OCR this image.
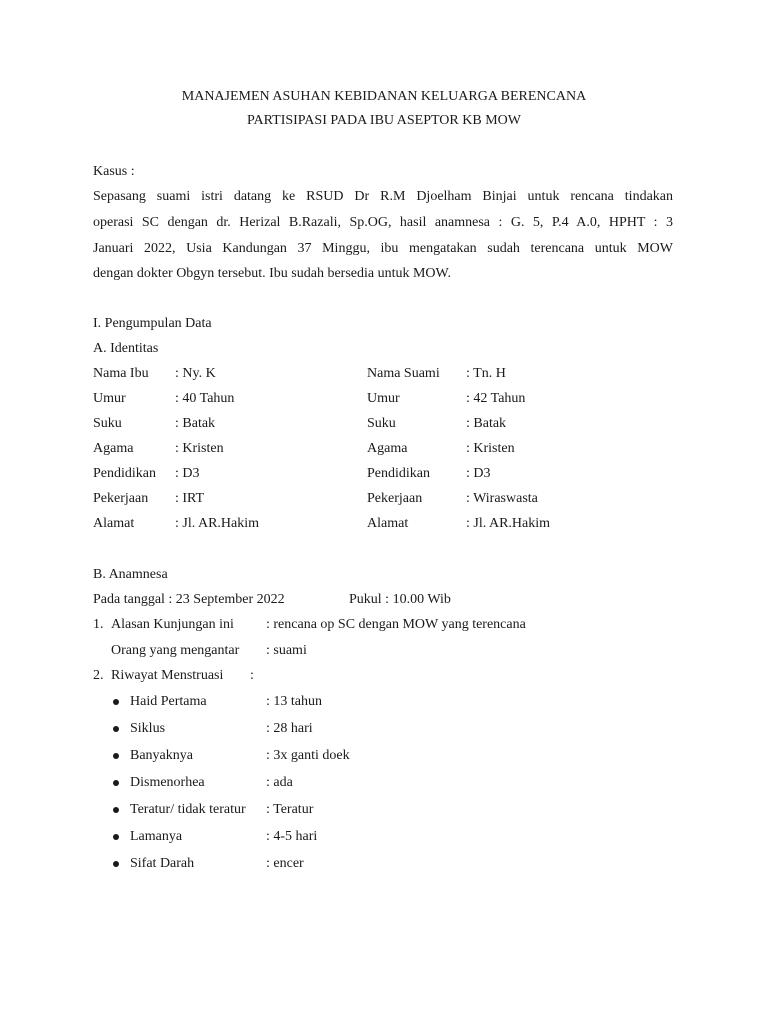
MANAJEMEN ASUHAN KEBIDANAN KELUARGA BERENCANA
PARTISIPASI PADA IBU ASEPTOR KB MOW
Kasus :
Sepasang suami istri datang ke RSUD Dr R.M Djoelham Binjai untuk rencana tindakan
operasi SC dengan dr. Herizal B.Razali, Sp.OG, hasil anamnesa : G. 5, P.4 A.0, HPHT : 3
Januari 2022, Usia Kandungan 37 Minggu, ibu mengatakan sudah terencana untuk MOW
dengan dokter Obgyn tersebut. Ibu sudah bersedia untuk MOW.
I. Pengumpulan Data
A. Identitas
Nama Ibu : Ny. K	Nama Suami : Tn. H
Umur	: 40 Tahun	Umur	: 42 Tahun
Suku	: Batak	Suku	: Batak
Agama	: Kristen	Agama	: Kristen
Pendidikan : D3	Pendidikan	: D3
Pekerjaan : IRT	Pekerjaan	: Wiraswasta
Alamat	: Jl. AR.Hakim	Alamat	: Jl. AR.Hakim
B. Anamnesa
Pada tanggal : 23 September 2022	Pukul : 10.00 Wib
1. Alasan Kunjungan ini : rencana op SC dengan MOW yang terencana
Orang yang mengantar : suami
2. Riwayat Menstruasi :
Haid Pertama	: 13 tahun
Siklus	: 28 hari
Banyaknya	: 3x ganti doek
Dismenorhea	: ada
Teratur/ tidak teratur : Teratur
Lamanya	: 4-5 hari
Sifat Darah	: encer
